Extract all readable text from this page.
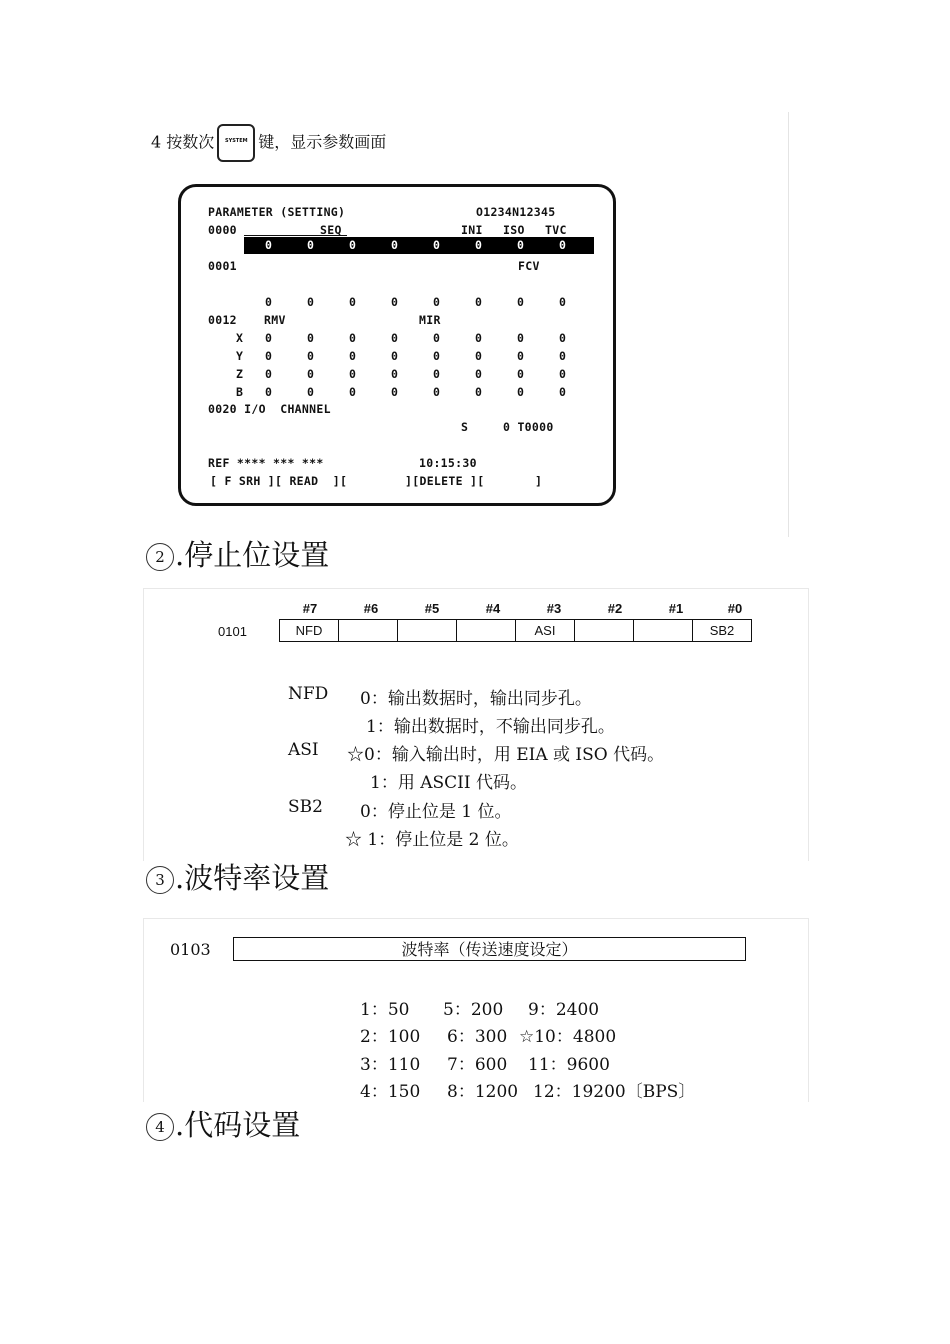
4 按数次	SYSTEM 键，显示参数画面
PARAMETER (SETTING)	O1234N12345
0000	SEQ	INI ISO TVC
0	0	0	0	0	0	0	0
0001	FCV
0	0	0	0	0	0	0	0
0012 RMV	MIR
X 0	0	0	0	0	0	0	0
Y 0	0	0	0	0	0	0	0
Z 0	0	0	0	0	0	0	0
B 0	0	0	0	0	0	0	0
0020 I/O  CHANNEL
S	0 T0000
REF **** *** ***	10:15:30
[ F SRH ][ READ  ][        ][DELETE ][       ]
2 .停止位设置
0101
#7	#6	#5	#4	#3	#2	#1	#0
NFD				ASI			SB2
NFD 0：输出数据时，输出同步孔。
1：输出数据时，不输出同步孔。
ASI ☆0：输入输出时，用 EIA 或 ISO 代码。
1：用 ASCII 代码。
SB2 0：停止位是 1 位。
☆ 1：停止位是 2 位。
3 .波特率设置
0103	波特率（传送速度设定）
1：50 5：200 9：2400
2：100 6：300 ☆10：4800
3：110 7：600 11：9600
4：150 8：1200 12：19200〔BPS〕
4 .代码设置
